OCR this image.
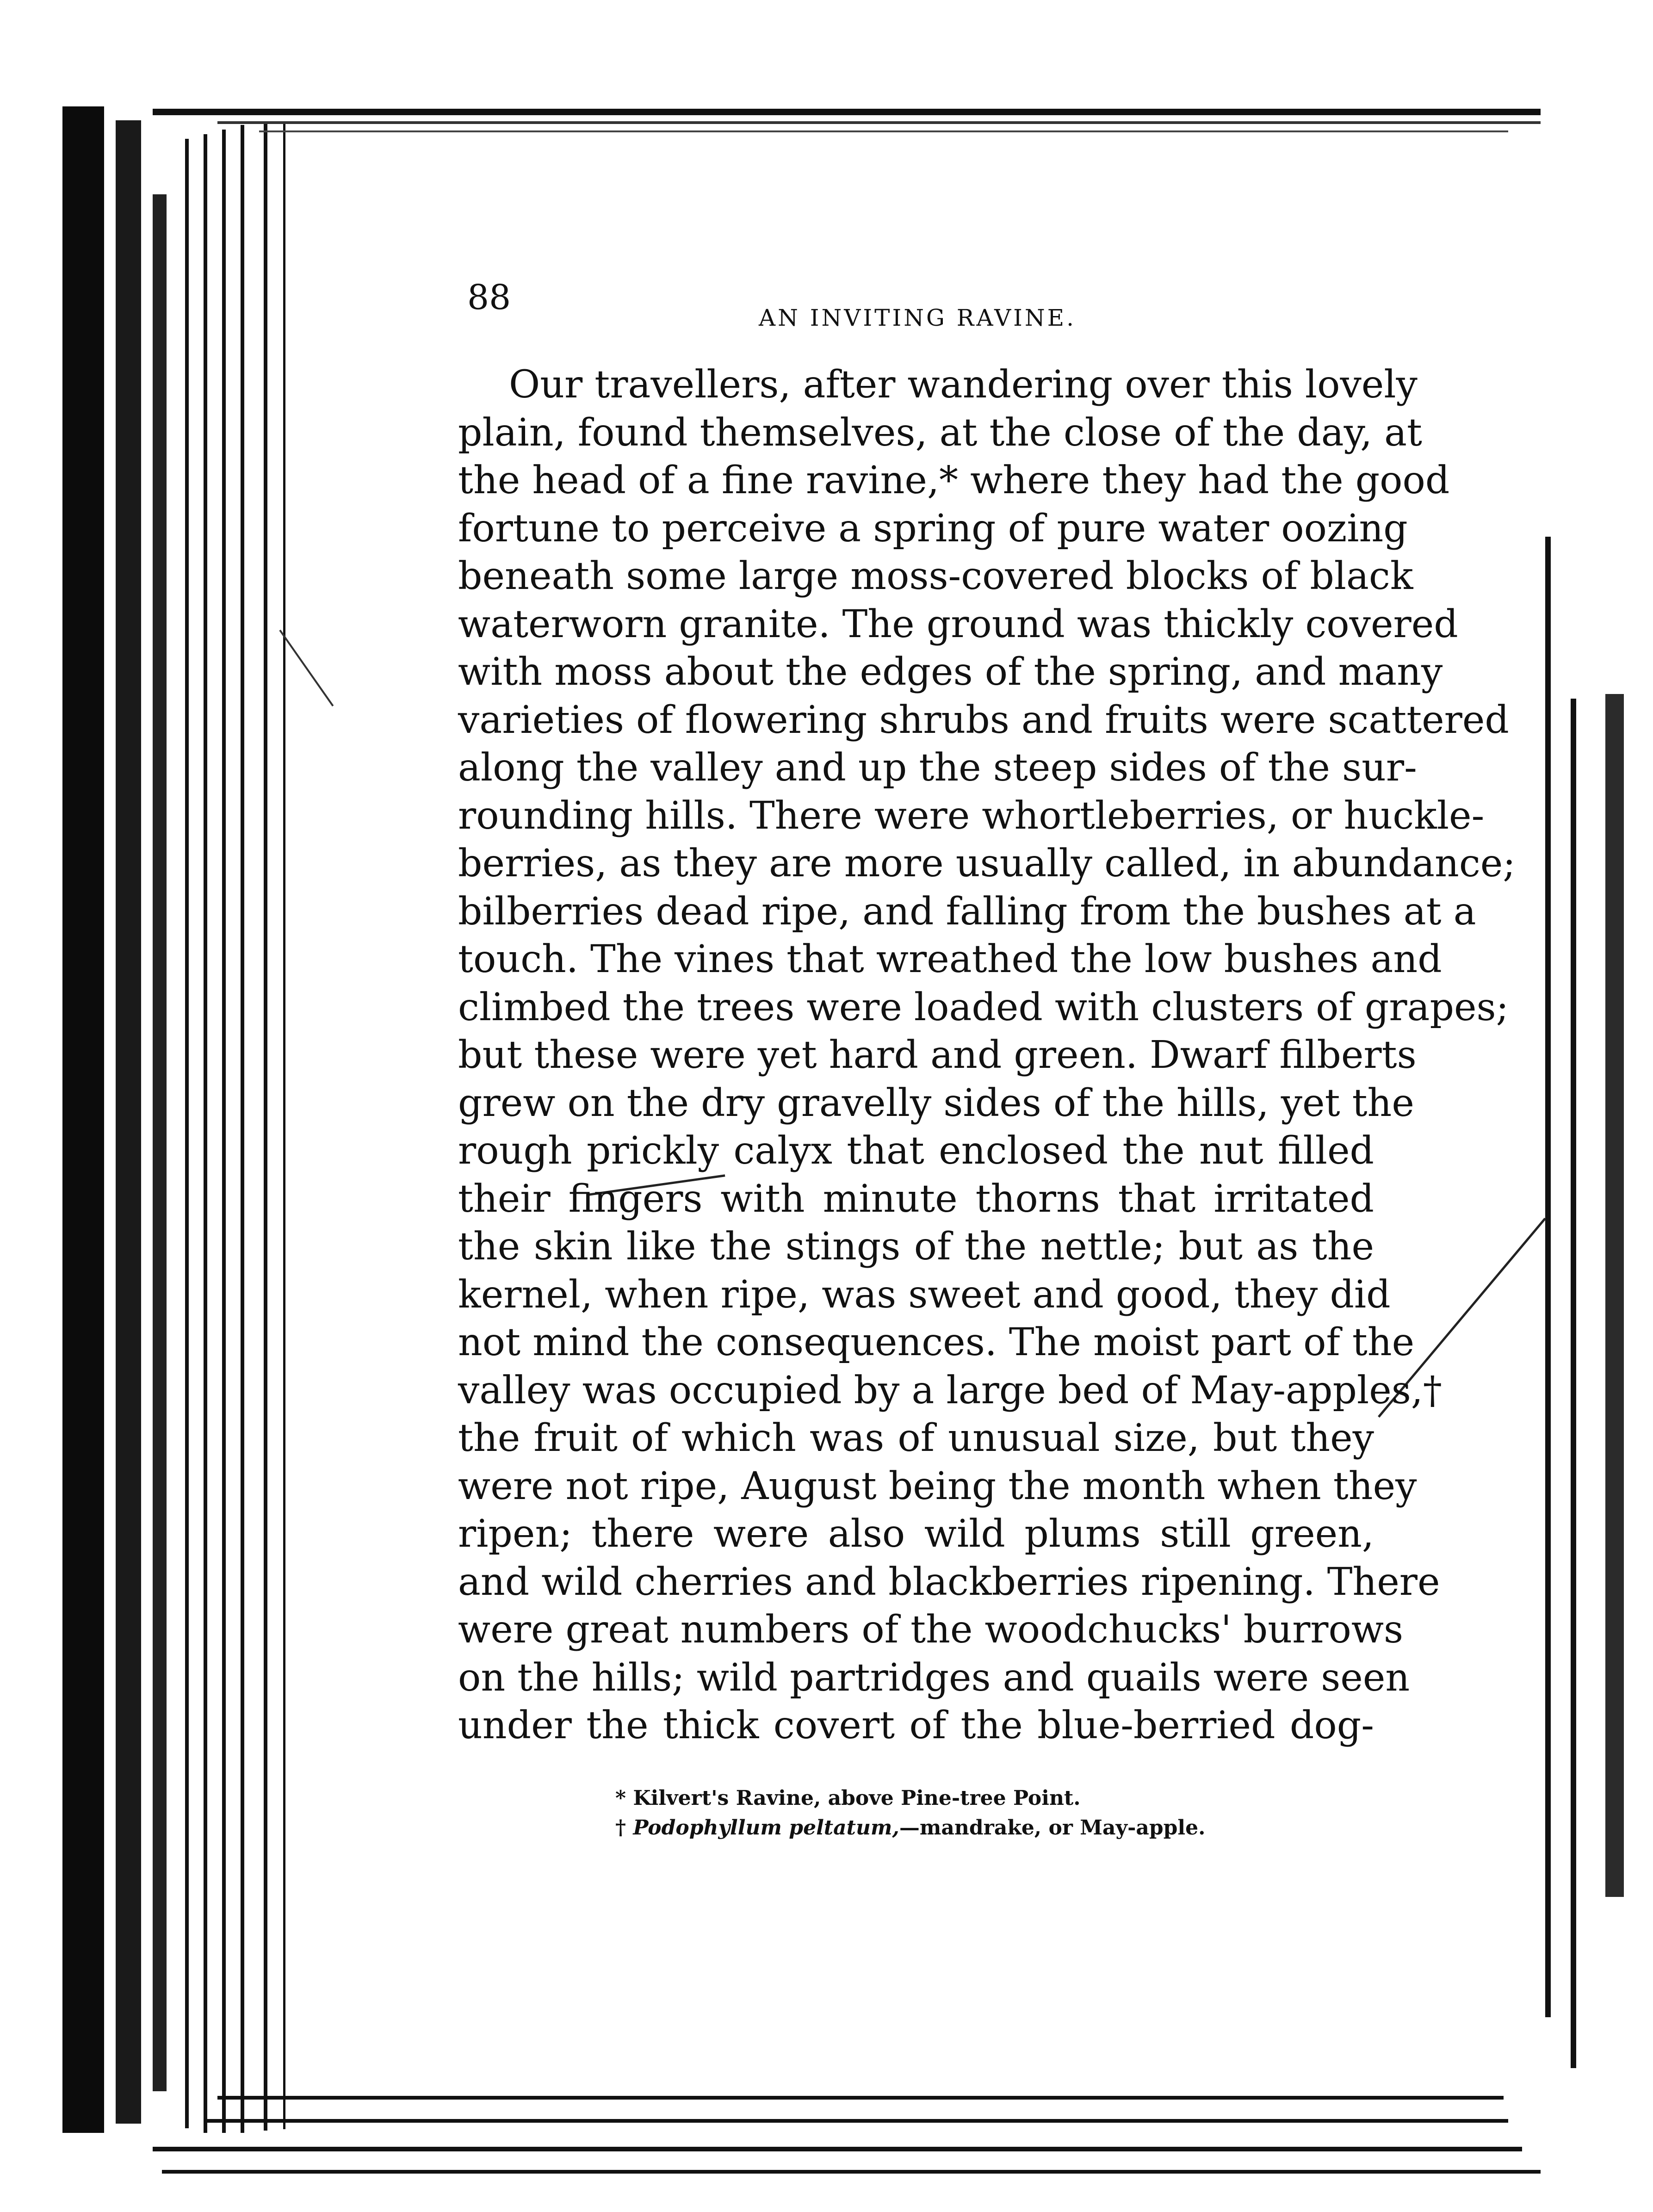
88
AN INVITING RAVINE.
Our travellers, after wandering over this lovely
plain, found themselves, at the close of the day, at
the head of a fine ravine,* where they had the good
fortune to perceive a spring of pure water oozing
beneath some large moss-covered blocks of black
waterworn granite. The ground was thickly covered
with moss about the edges of the spring, and many
varieties of flowering shrubs and fruits were scattered
along the valley and up the steep sides of the sur-
rounding hills. There were whortleberries, or huckle-
berries, as they are more usually called, in abundance;
bilberries dead ripe, and falling from the bushes at a
touch. The vines that wreathed the low bushes and
climbed the trees were loaded with clusters of grapes;
but these were yet hard and green. Dwarf filberts
grew on the dry gravelly sides of the hills, yet the
rough prickly calyx that enclosed the nut filled
their fingers with minute thorns that irritated
the skin like the stings of the nettle; but as the
kernel, when ripe, was sweet and good, they did
not mind the consequences. The moist part of the
valley was occupied by a large bed of May-apples,†
the fruit of which was of unusual size, but they
were not ripe, August being the month when they
ripen; there were also wild plums still green,
and wild cherries and blackberries ripening. There
were great numbers of the woodchucks' burrows
on the hills; wild partridges and quails were seen
under the thick covert of the blue-berried dog-
* Kilvert's Ravine, above Pine-tree Point.
† Podophyllum peltatum,—mandrake, or May-apple.
